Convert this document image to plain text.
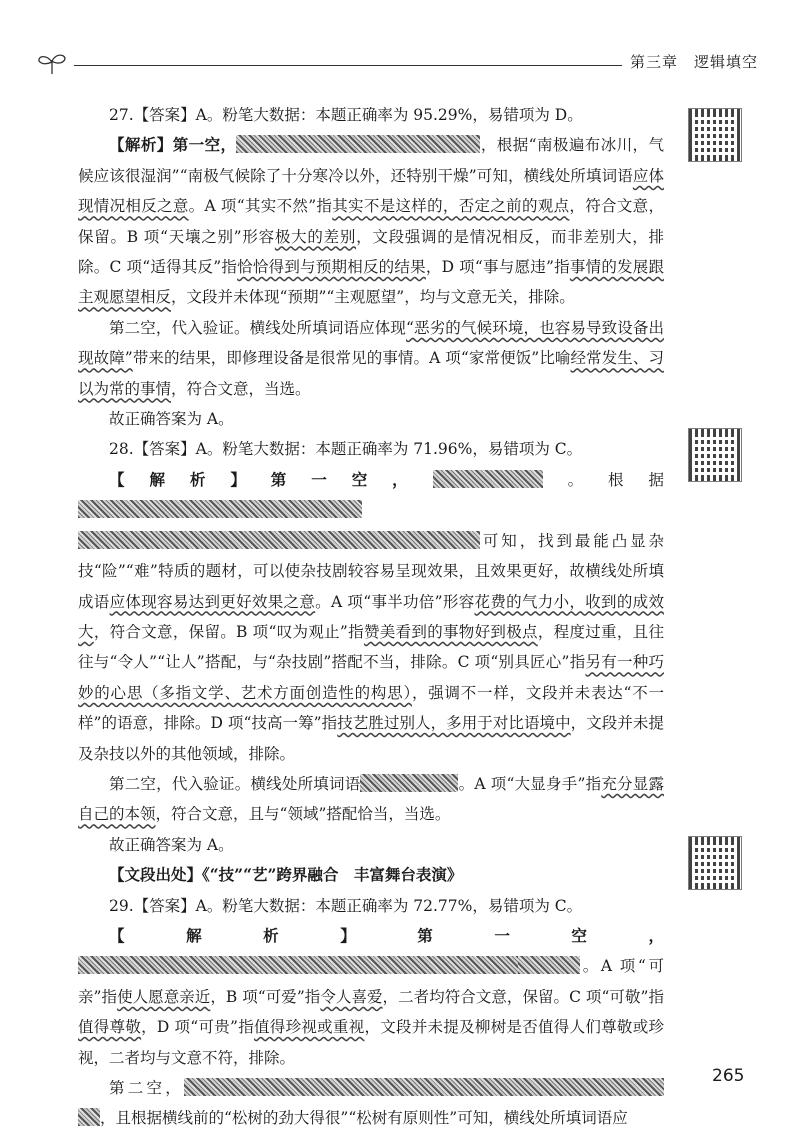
第三章　逻辑填空

27.【答案】A。粉笔大数据：本题正确率为 95.29%，易错项为 D。

【解析】第一空，	，根据“南极遍布冰川，气候应该很湿润”“南极气候除了十分寒冷以外，还特别干燥”可知，横线处所填词语应体现情况相反之意。A 项“其实不然”指其实不是这样的，否定之前的观点，符合文意，保留。B 项“天壤之别”形容极大的差别，文段强调的是情况相反，而非差别大，排除。C 项“适得其反”指恰恰得到与预期相反的结果，D 项“事与愿违”指事情的发展跟主观愿望相反，文段并未体现“预期”“主观愿望”，均与文意无关，排除。

第二空，代入验证。横线处所填词语应体现“恶劣的气候环境，也容易导致设备出现故障”带来的结果，即修理设备是很常见的事情。A 项“家常便饭”比喻经常发生、习以为常的事情，符合文意，当选。

故正确答案为 A。

28.【答案】A。粉笔大数据：本题正确率为 71.96%，易错项为 C。

【解析】第一空，	。根据可知，找到最能凸显杂技“险”“难”特质的题材，可以使杂技剧较容易呈现效果，且效果更好，故横线处所填成语应体现容易达到更好效果之意。A 项“事半功倍”形容花费的气力小，收到的成效大，符合文意，保留。B 项“叹为观止”指赞美看到的事物好到极点，程度过重，且往往与“令人”“让人”搭配，与“杂技剧”搭配不当，排除。C 项“别具匠心”指另有一种巧妙的心思（多指文学、艺术方面创造性的构思），强调不一样，文段并未表达“不一样”的语意，排除。D 项“技高一筹”指技艺胜过别人，多用于对比语境中，文段并未提及杂技以外的其他领域，排除。

第二空，代入验证。横线处所填词语	。A 项“大显身手”指充分显露自己的本领，符合文意，且与“领域”搭配恰当，当选。

故正确答案为 A。

【文段出处】《“技”“艺”跨界融合　丰富舞台表演》

29.【答案】A。粉笔大数据：本题正确率为 72.77%，易错项为 C。

【解析】第一空，。A 项“可亲”指使人愿意亲近，B 项“可爱”指令人喜爱，二者均符合文意，保留。C 项“可敬”指值得尊敬，D 项“可贵”指值得珍视或重视，文段并未提及柳树是否值得人们尊敬或珍视，二者均与文意不符，排除。

第二空，，且根据横线前的“松树的劲大得很”“松树有原则性”可知，横线处所填词语应

265
